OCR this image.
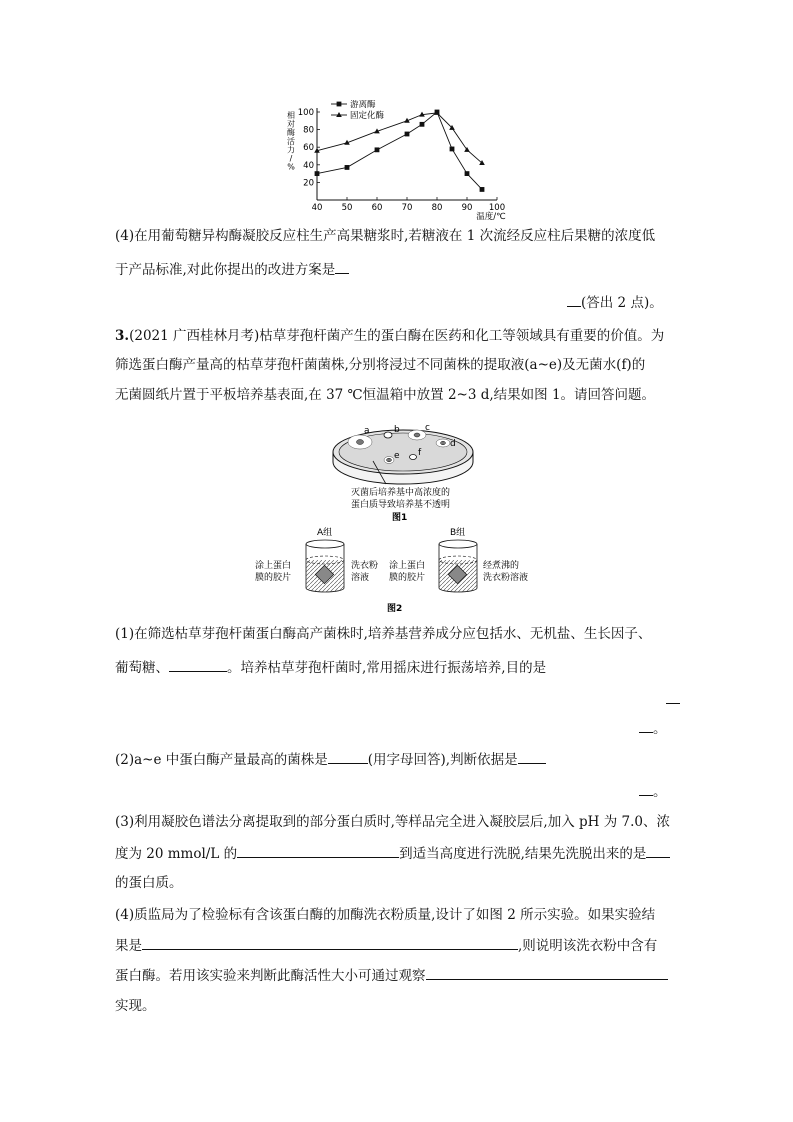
40 50 60 70 80 90 100
20
40
60
80
100
温度/℃
相对酶活力/ %
游离酶
固定化酶
(4)在用葡萄糖异构酶凝胶反应柱生产高果糖浆时,若糖液在 1 次流经反应柱后果糖的浓度低
于产品标准,对此你提出的改进方案是
(答出 2 点)。
3.(2021 广西桂林月考)枯草芽孢杆菌产生的蛋白酶在医药和化工等领域具有重要的价值。为
筛选蛋白酶产量高的枯草芽孢杆菌菌株,分别将浸过不同菌株的提取液(a~e)及无菌水(f)的
无菌圆纸片置于平板培养基表面,在 37 ℃恒温箱中放置 2~3 d,结果如图 1。请回答问题。
a	b	c
d
e f
灭菌后培养基中高浓度的
蛋白质导致培养基不透明
图1
A组
涂上蛋白
膜的胶片
洗衣粉
溶液
B组
涂上蛋白
膜的胶片
经煮沸的
洗衣粉溶液
图2
(1)在筛选枯草芽孢杆菌蛋白酶高产菌株时,培养基营养成分应包括水、无机盐、生长因子、
葡萄糖、	。培养枯草芽孢杆菌时,常用摇床进行振荡培养,目的是
。
(2)a~e 中蛋白酶产量最高的菌株是	(用字母回答),判断依据是
。
(3)利用凝胶色谱法分离提取到的部分蛋白质时,等样品完全进入凝胶层后,加入 pH 为 7.0、浓
度为 20 mmol/L 的	到适当高度进行洗脱,结果先洗脱出来的是
的蛋白质。
(4)质监局为了检验标有含该蛋白酶的加酶洗衣粉质量,设计了如图 2 所示实验。如果实验结
果是	,则说明该洗衣粉中含有
蛋白酶。若用该实验来判断此酶活性大小可通过观察
实现。
